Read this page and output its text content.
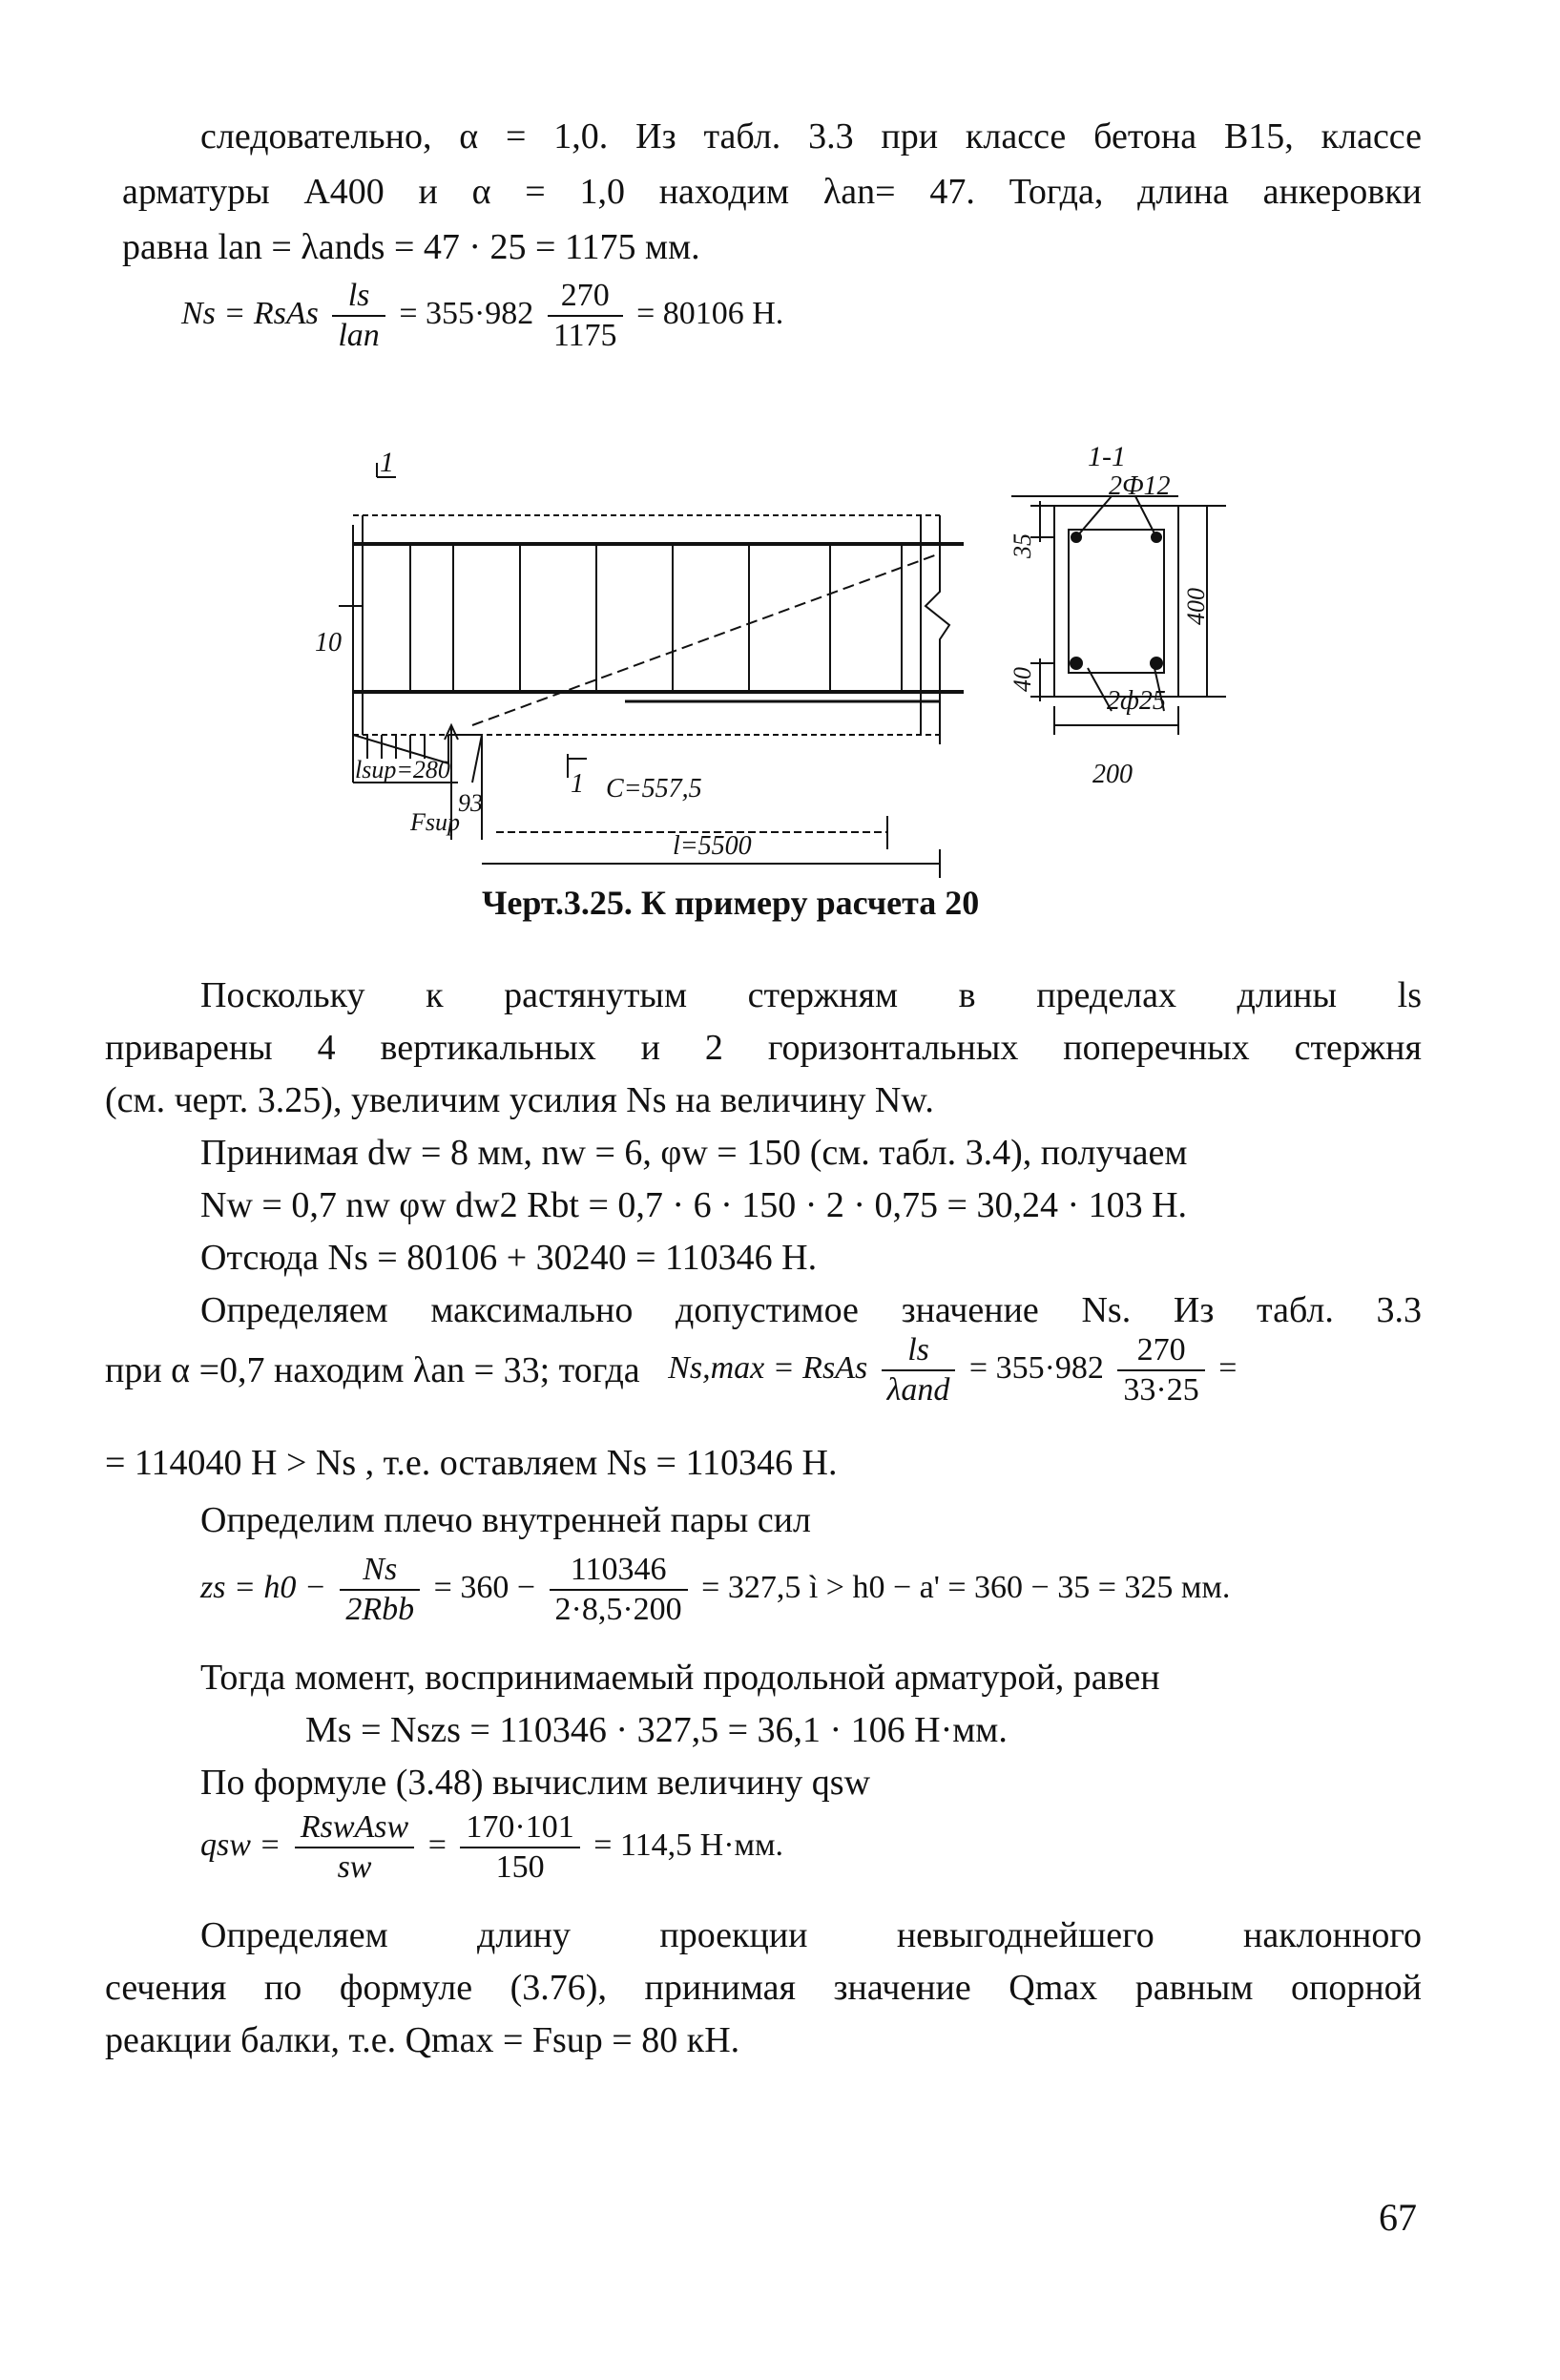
следовательно, α = 1,0. Из табл. 3.3 при классе бетона B15, классе
арматуры А400 и α = 1,0 находим λan= 47. Тогда, длина анкеровки
равна lan = λands = 47 · 25 = 1175 мм.
Ns = RsAs $\frac{ls}{\text{lan}} = 355\cdot 982 \frac{270}{1175} = 80106$ Н.
1	1-1
2Ф12
35
400
40
2ф25
200
10
lsup=280
93
Fsup
1 C=557,5
l=5500
Черт.3.25. К примеру расчета 20
Поскольку к растянутым стержням в пределах длины ls
приварены 4 вертикальных и 2 горизонтальных поперечных стержня
(см. черт. 3.25), увеличим усилия Ns на величину Nw.
Принимая dw = 8 мм, nw = 6, φw = 150 (см. табл. 3.4), получаем
Nw = 0,7 nw φw dw2 Rbt = 0,7 · 6 · 150 · 2 · 0,75 = 30,24 · 103 Н.
Отсюда Ns = 80106 + 30240 = 110346 Н.
Определяем максимально допустимое значение Ns. Из табл. 3.3
при α =0,7 находим λan = 33; тогда Ns,max = RsAs $\frac{ls}{\text{λand}} = 355\cdot 982 \frac{270}{33\cdot 25}$ =
= 114040 Н > Ns , т.е. оставляем Ns = 110346 Н.
Определим плечо внутренней пары сил
zs = $h0 - \frac{Ns}{\text{2Rbb}} = 360 - \frac{110346}{2\cdot 8,5\cdot 200} = 327,5$ ì > h0 − a' = 360 − 35 = 325 мм.
Тогда момент, воспринимаемый продольной арматурой, равен
Ms = Nszs = 110346 · 327,5 = 36,1 · 106 Н·мм.
По формуле (3.48) вычислим величину qsw
qsw = $\frac{\text{RswAsw}}{sw} = \frac{170\cdot 101}{150} = 114,5$ Н·мм.
Определяем длину проекции невыгоднейшего наклонного
сечения по формуле (3.76), принимая значение Qmax равным опорной
реакции балки, т.е. Qmax = Fsup = 80 кН.
67
